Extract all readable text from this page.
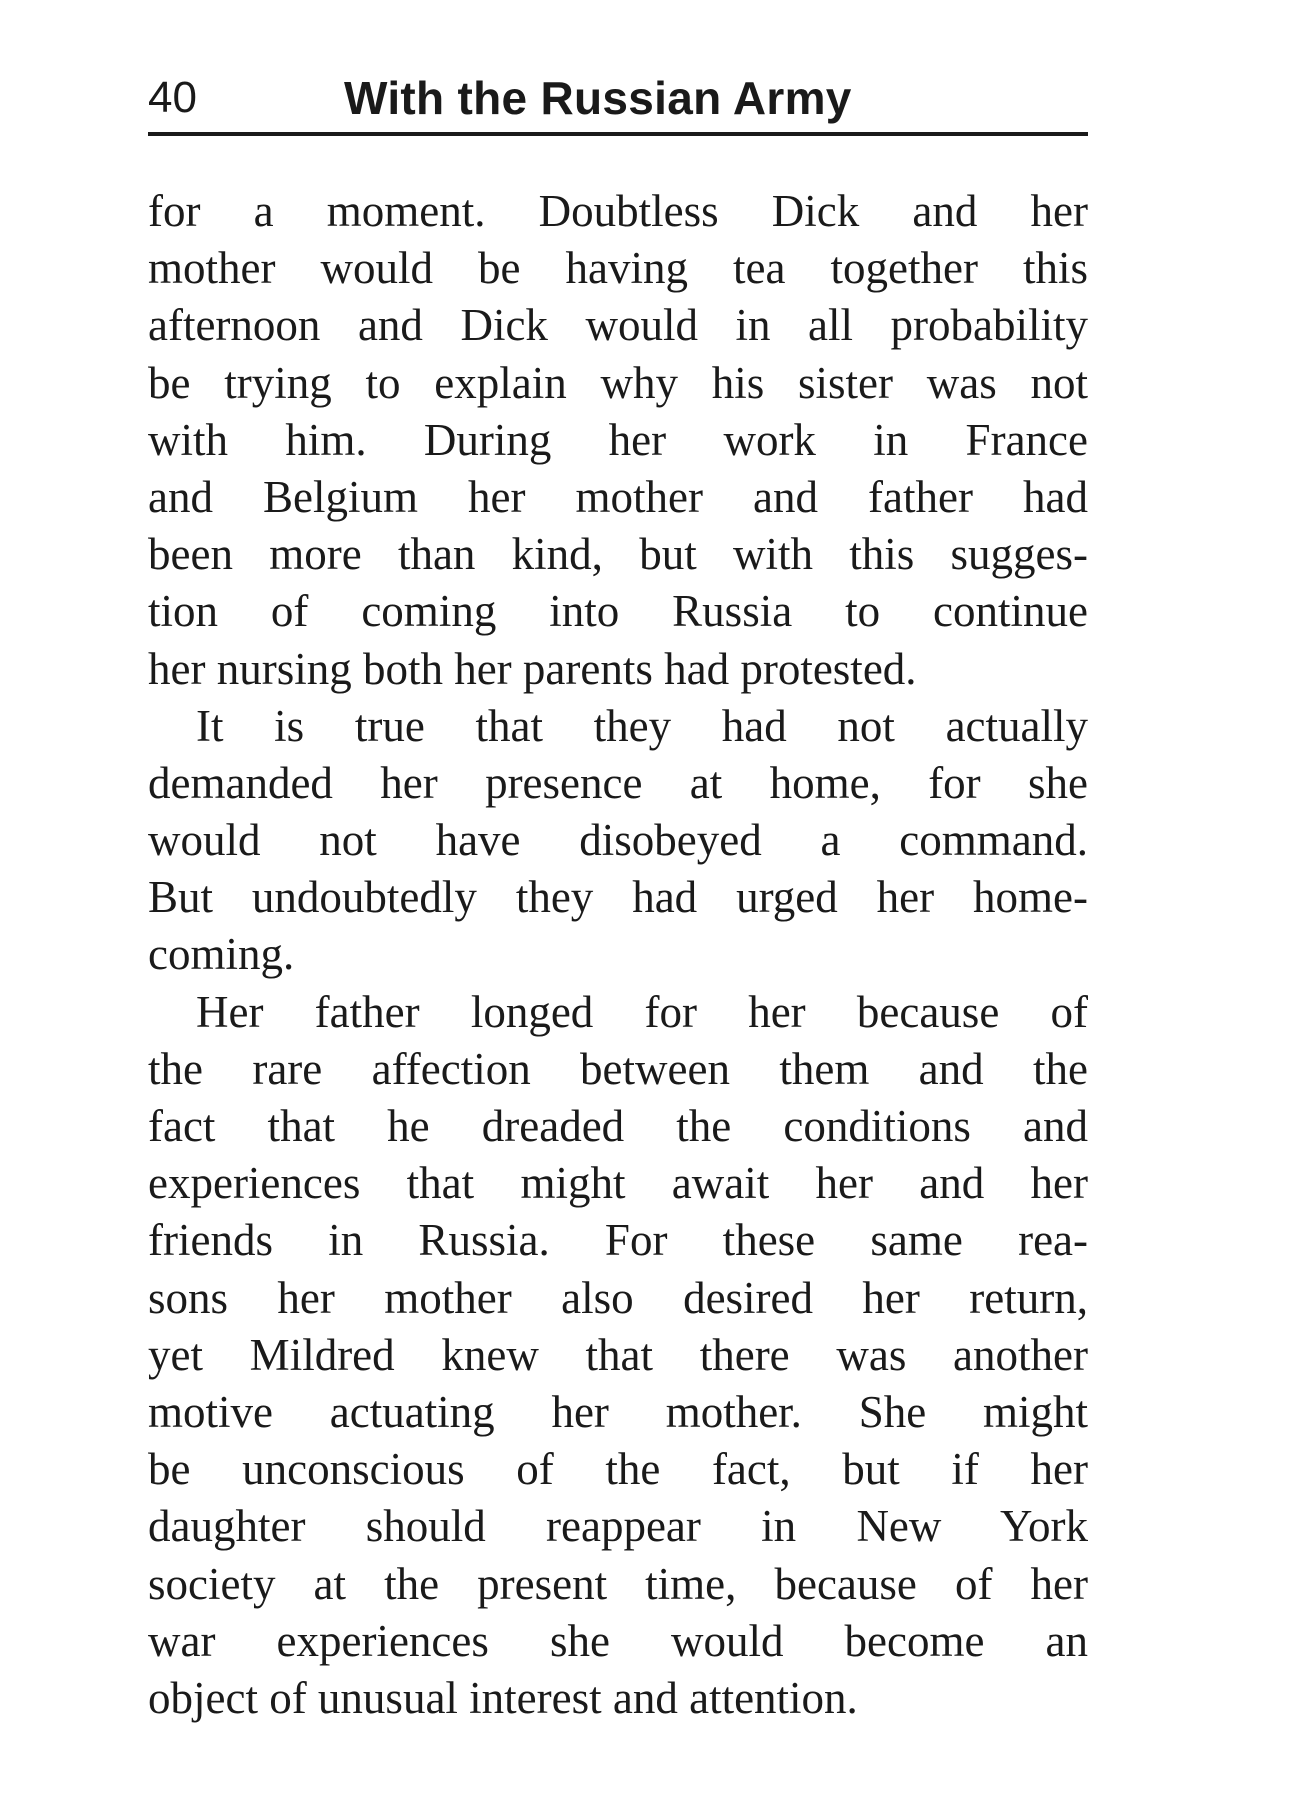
40	With the Russian Army
for a moment. Doubtless Dick and her
mother would be having tea together this
afternoon and Dick would in all probability
be trying to explain why his sister was not
with him. During her work in France
and Belgium her mother and father had
been more than kind, but with this sugges-
tion of coming into Russia to continue
her nursing both her parents had protested.
It is true that they had not actually
demanded her presence at home, for she
would not have disobeyed a command.
But undoubtedly they had urged her home-
coming.
Her father longed for her because of
the rare affection between them and the
fact that he dreaded the conditions and
experiences that might await her and her
friends in Russia. For these same rea-
sons her mother also desired her return,
yet Mildred knew that there was another
motive actuating her mother. She might
be unconscious of the fact, but if her
daughter should reappear in New York
society at the present time, because of her
war experiences she would become an
object of unusual interest and attention.
